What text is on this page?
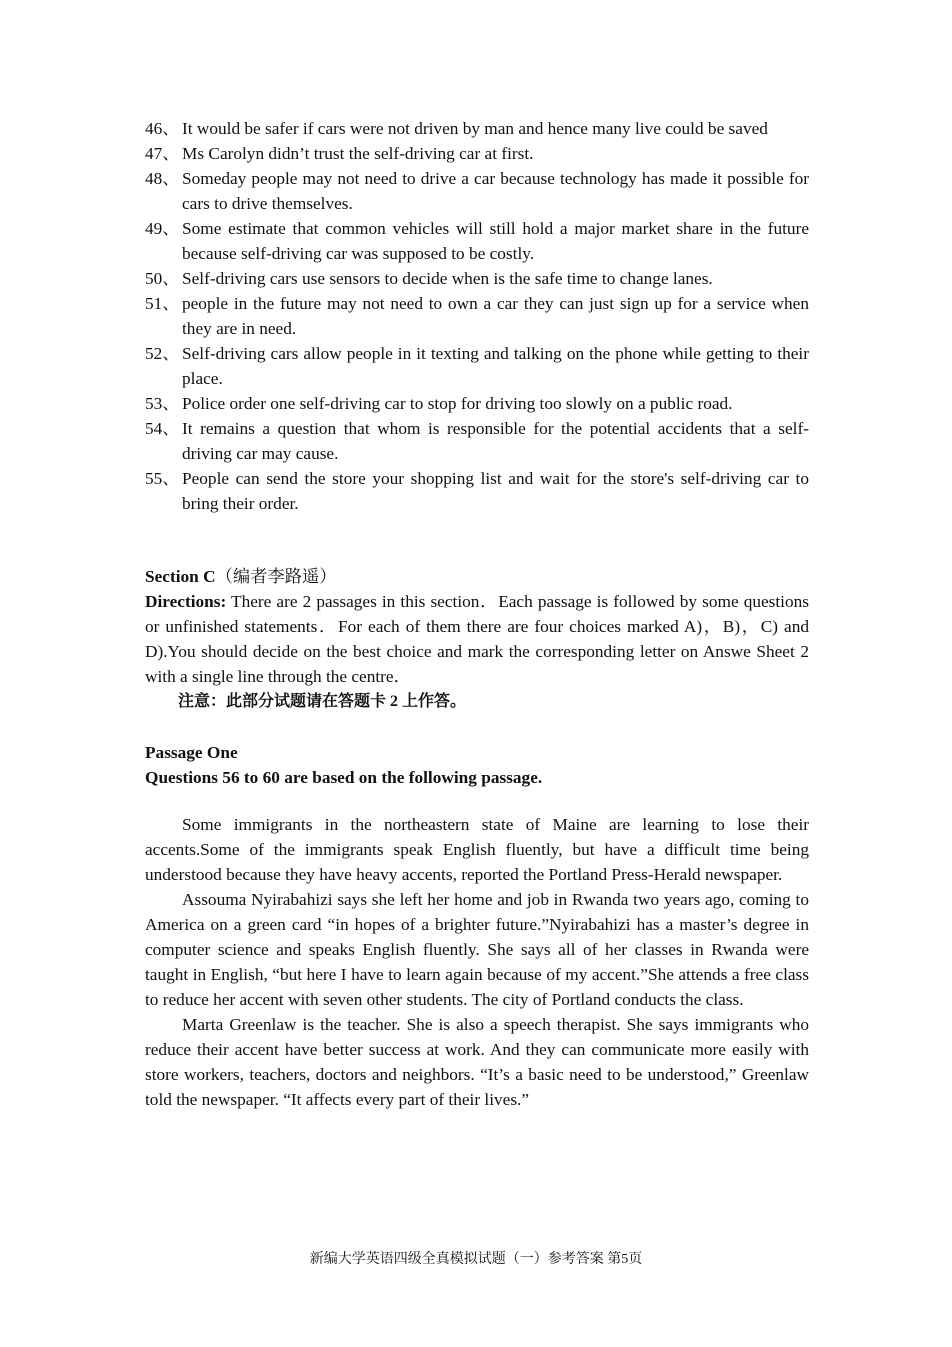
46、 It would be safer if cars were not driven by man and hence many live could be saved
47、 Ms Carolyn didn’t trust the self-driving car at first.
48、 Someday people may not need to drive a car because technology has made it possible for cars to drive themselves.
49、 Some estimate that common vehicles will still hold a major market share in the future because self-driving car was supposed to be costly.
50、 Self-driving cars use sensors to decide when is the safe time to change lanes.
51、 people in the future may not need to own a car they can just sign up for a service when they are in need.
52、 Self-driving cars allow people in it texting and talking on the phone while getting to their place.
53、 Police order one self-driving car to stop for driving too slowly on a public road.
54、 It remains a question that whom is responsible for the potential accidents that a self-driving car may cause.
55、 People can send the store your shopping list and wait for the store's self-driving car to bring their order.
Section C（编者李路遥）

Directions: There are 2 passages in this section．Each passage is followed by some questions or unfinished statements．For each of them there are four choices marked A)，B)，C) and D).You should decide on the best choice and mark the corresponding letter on Answe Sheet 2 with a single line through the centre．

注意：此部分试题请在答题卡 2 上作答。
Passage One
Questions 56 to 60 are based on the following passage.

Some immigrants in the northeastern state of Maine are learning to lose their accents.Some of the immigrants speak English fluently, but have a difficult time being understood because they have heavy accents, reported the Portland Press-Herald newspaper.

Assouma Nyirabahizi says she left her home and job in Rwanda two years ago, coming to America on a green card “in hopes of a brighter future.”Nyirabahizi has a master’s degree in computer science and speaks English fluently. She says all of her classes in Rwanda were taught in English, “but here I have to learn again because of my accent.”She attends a free class to reduce her accent with seven other students. The city of Portland conducts the class.

Marta Greenlaw is the teacher. She is also a speech therapist. She says immigrants who reduce their accent have better success at work. And they can communicate more easily with store workers, teachers, doctors and neighbors. “It’s a basic need to be understood,” Greenlaw told the newspaper. “It affects every part of their lives.”

新编大学英语四级全真模拟试题（一）参考答案 第5页
